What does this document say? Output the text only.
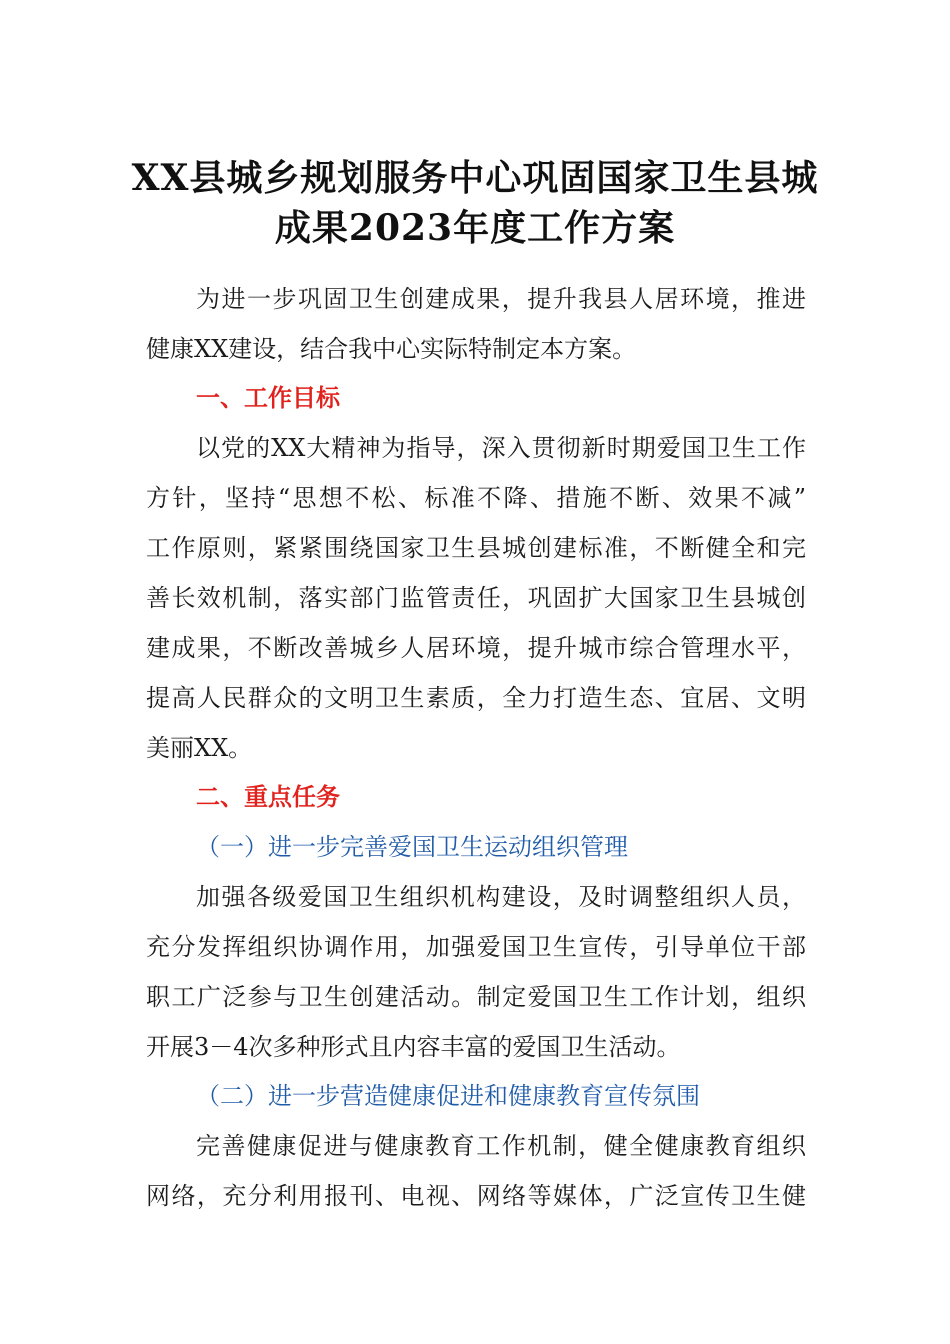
XX县城乡规划服务中心巩固国家卫生县城
成果2023年度工作方案
为进一步巩固卫生创建成果，提升我县人居环境，推进
健康XX建设，结合我中心实际特制定本方案。
一、工作目标
以党的XX大精神为指导，深入贯彻新时期爱国卫生工作
方针，坚持“思想不松、标准不降、措施不断、效果不减”
工作原则，紧紧围绕国家卫生县城创建标准，不断健全和完
善长效机制，落实部门监管责任，巩固扩大国家卫生县城创
建成果，不断改善城乡人居环境，提升城市综合管理水平，
提高人民群众的文明卫生素质，全力打造生态、宜居、文明
美丽XX。
二、重点任务
（一）进一步完善爱国卫生运动组织管理
加强各级爱国卫生组织机构建设，及时调整组织人员，
充分发挥组织协调作用，加强爱国卫生宣传，引导单位干部
职工广泛参与卫生创建活动。制定爱国卫生工作计划，组织
开展3－4次多种形式且内容丰富的爱国卫生活动。
（二）进一步营造健康促进和健康教育宣传氛围
完善健康促进与健康教育工作机制，健全健康教育组织
网络，充分利用报刊、电视、网络等媒体，广泛宣传卫生健
